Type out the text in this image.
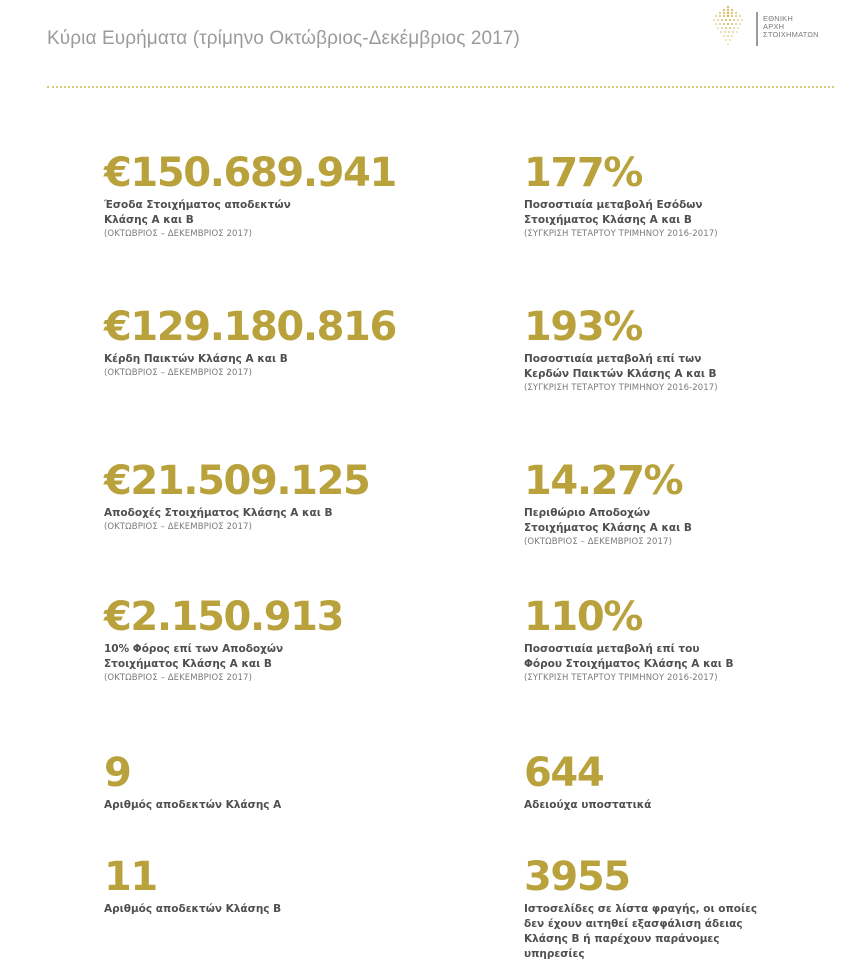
Κύρια Ευρήματα (τρίμηνο Οκτώβριος-Δεκέμβριος 2017)
ΕΘΝΙΚΗ
ΑΡΧΗ
ΣΤΟΙΧΗΜΑΤΩΝ
€150.689.941
Έσοδα Στοιχήματος αποδεκτών
Κλάσης Α και Β
(ΟΚΤΩΒΡΙΟΣ – ΔΕΚΕΜΒΡΙΟΣ 2017)
177%
Ποσοστιαία μεταβολή Εσόδων
Στοιχήματος Κλάσης Α και Β
(ΣΥΓΚΡΙΣΗ ΤΕΤΑΡΤΟΥ ΤΡΙΜΗΝΟΥ 2016-2017)
€129.180.816
Κέρδη Παικτών Κλάσης Α και Β
(ΟΚΤΩΒΡΙΟΣ – ΔΕΚΕΜΒΡΙΟΣ 2017)
193%
Ποσοστιαία μεταβολή επί των
Κερδών Παικτών Κλάσης Α και Β
(ΣΥΓΚΡΙΣΗ ΤΕΤΑΡΤΟΥ ΤΡΙΜΗΝΟΥ 2016-2017)
€21.509.125
Αποδοχές Στοιχήματος Κλάσης Α και Β
(ΟΚΤΩΒΡΙΟΣ – ΔΕΚΕΜΒΡΙΟΣ 2017)
14.27%
Περιθώριο Αποδοχών
Στοιχήματος Κλάσης Α και Β
(ΟΚΤΩΒΡΙΟΣ – ΔΕΚΕΜΒΡΙΟΣ 2017)
€2.150.913
10% Φόρος επί των Αποδοχών
Στοιχήματος Κλάσης Α και Β
(ΟΚΤΩΒΡΙΟΣ – ΔΕΚΕΜΒΡΙΟΣ 2017)
110%
Ποσοστιαία μεταβολή επί του
Φόρου Στοιχήματος Κλάσης Α και Β
(ΣΥΓΚΡΙΣΗ ΤΕΤΑΡΤΟΥ ΤΡΙΜΗΝΟΥ 2016-2017)
9
Αριθμός αποδεκτών Κλάσης Α
644
Αδειούχα υποστατικά
11
Αριθμός αποδεκτών Κλάσης Β
3955
Ιστοσελίδες σε λίστα φραγής, οι οποίες
δεν έχουν αιτηθεί εξασφάλιση άδειας
Κλάσης Β ή παρέχουν παράνομες
υπηρεσίες
